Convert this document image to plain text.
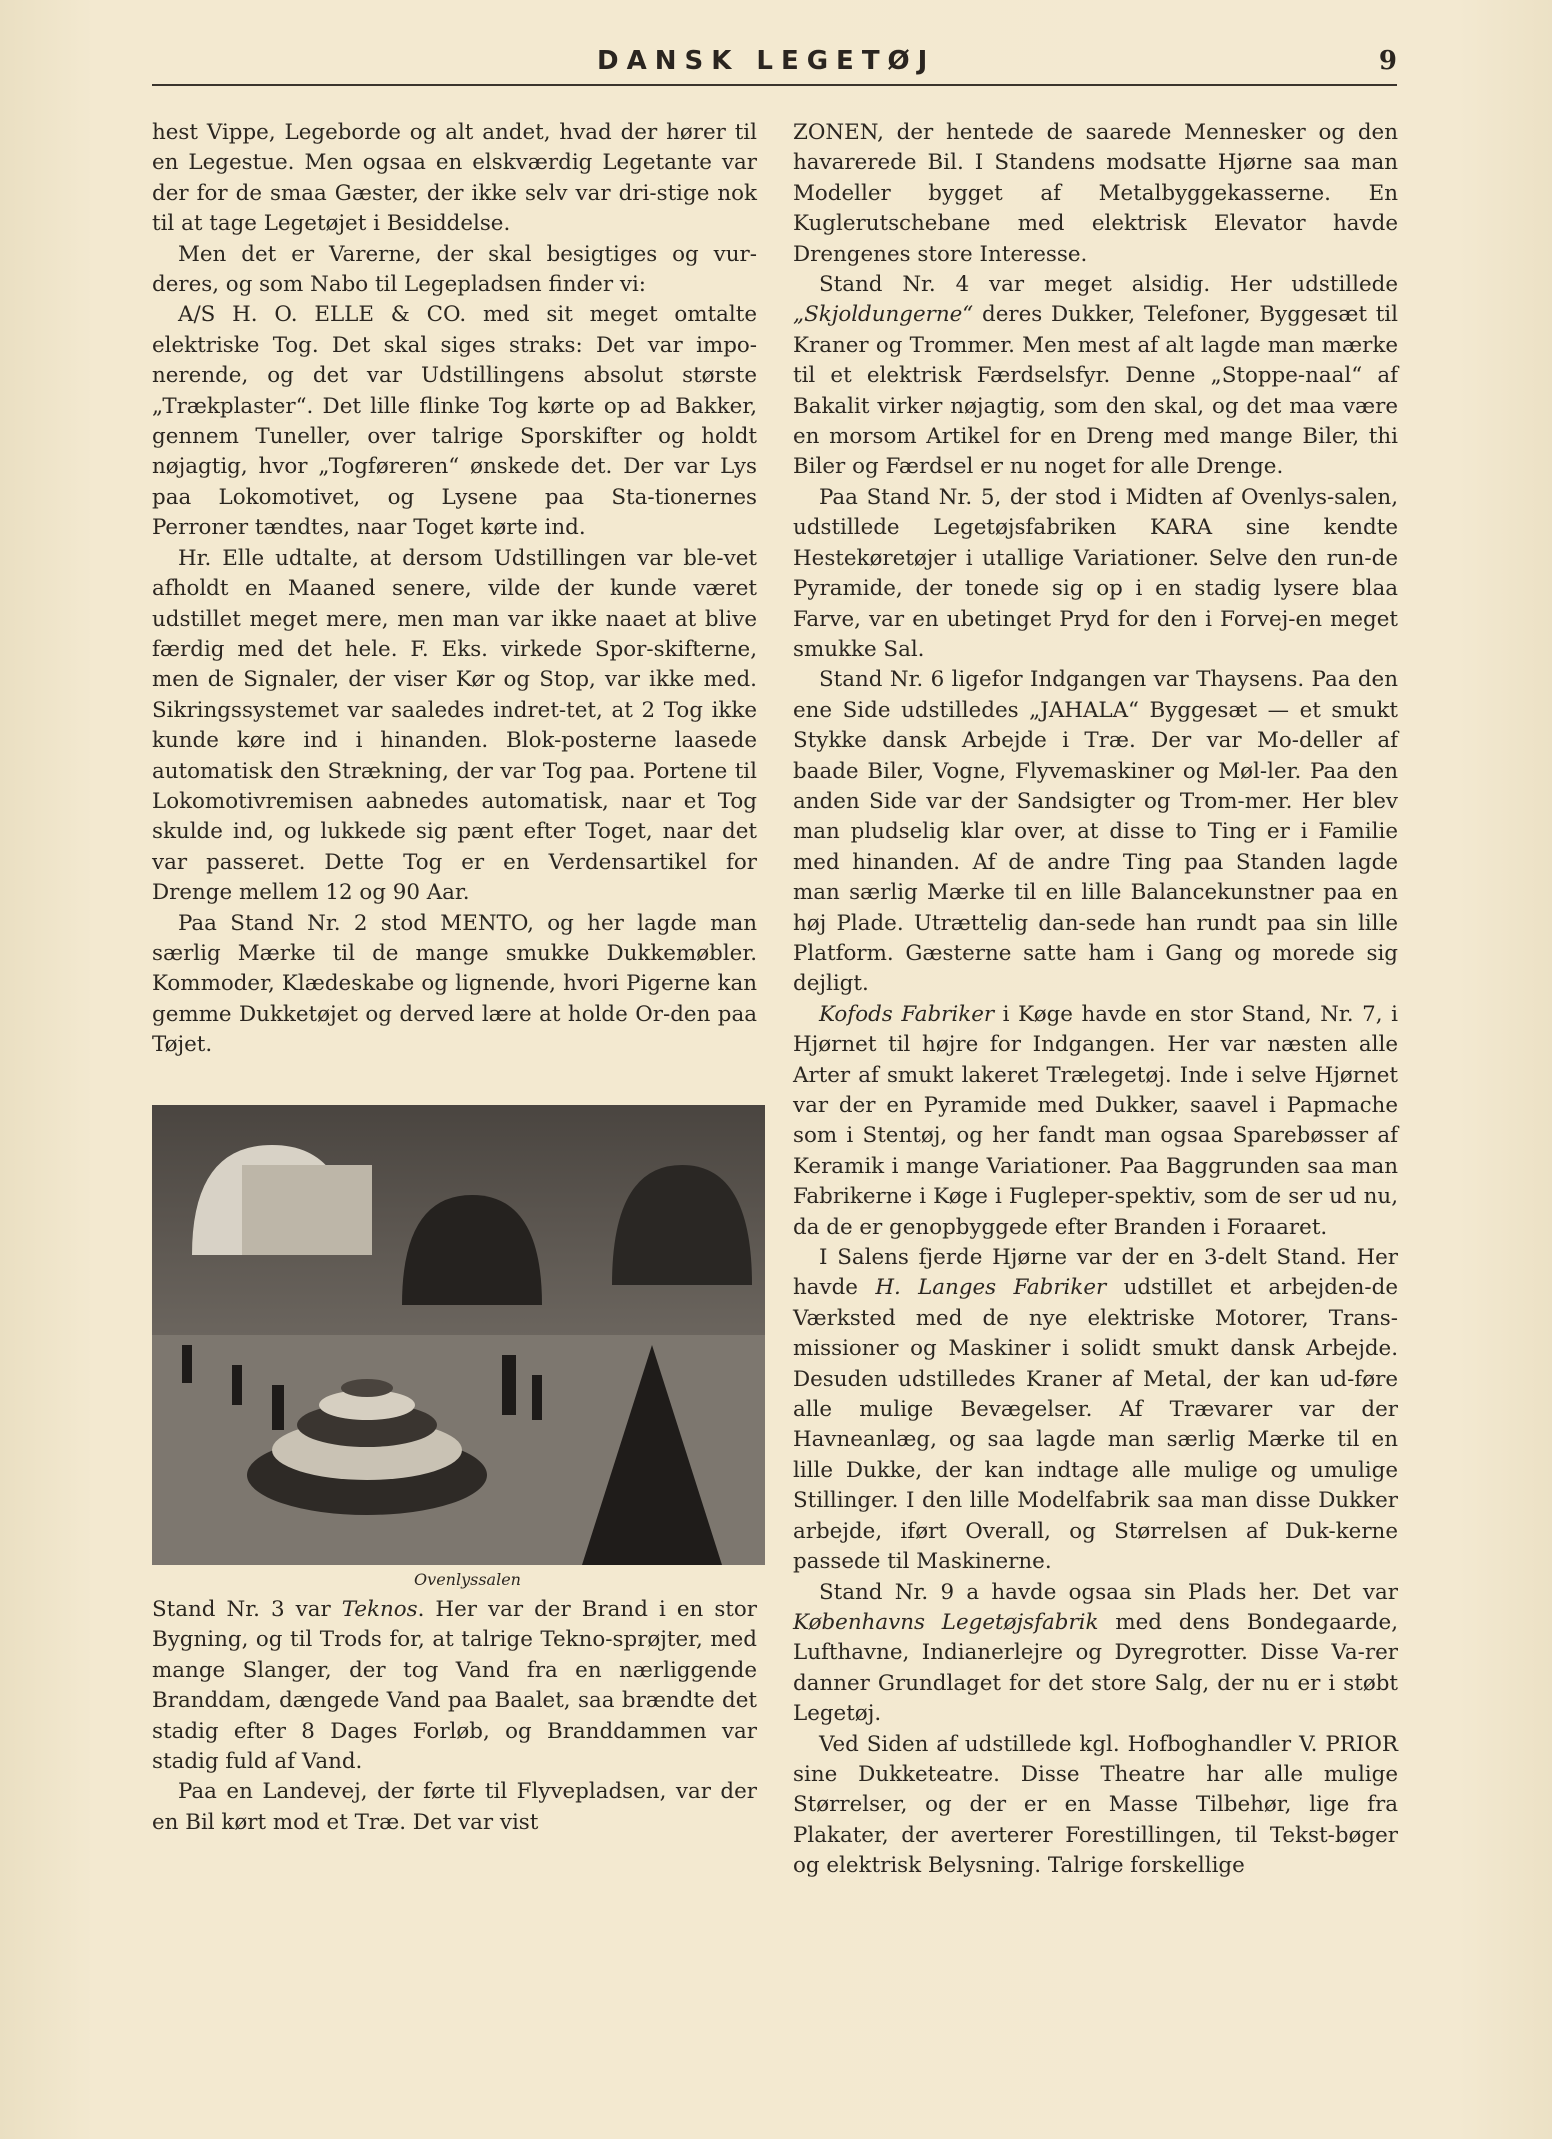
DANSK LEGETØJ	9

hest Vippe, Legeborde og alt andet, hvad der hører til en Legestue. Men ogsaa en elskværdig Legetante var der for de smaa Gæster, der ikke selv var dri-stige nok til at tage Legetøjet i Besiddelse.

Men det er Varerne, der skal besigtiges og vur-deres, og som Nabo til Legepladsen finder vi:

A/S H. O. ELLE & CO. med sit meget omtalte elektriske Tog. Det skal siges straks: Det var impo-nerende, og det var Udstillingens absolut største „Trækplaster“. Det lille flinke Tog kørte op ad Bakker, gennem Tuneller, over talrige Sporskifter og holdt nøjagtig, hvor „Togføreren“ ønskede det. Der var Lys paa Lokomotivet, og Lysene paa Sta-tionernes Perroner tændtes, naar Toget kørte ind.

Hr. Elle udtalte, at dersom Udstillingen var ble-vet afholdt en Maaned senere, vilde der kunde været udstillet meget mere, men man var ikke naaet at blive færdig med det hele. F. Eks. virkede Spor-skifterne, men de Signaler, der viser Kør og Stop, var ikke med. Sikringssystemet var saaledes indret-tet, at 2 Tog ikke kunde køre ind i hinanden. Blok-posterne laasede automatisk den Strækning, der var Tog paa. Portene til Lokomotivremisen aabnedes automatisk, naar et Tog skulde ind, og lukkede sig pænt efter Toget, naar det var passeret. Dette Tog er en Verdensartikel for Drenge mellem 12 og 90 Aar.

Paa Stand Nr. 2 stod MENTO, og her lagde man særlig Mærke til de mange smukke Dukkemøbler. Kommoder, Klædeskabe og lignende, hvori Pigerne kan gemme Dukketøjet og derved lære at holde Or-den paa Tøjet.

Ovenlyssalen

Stand Nr. 3 var Teknos. Her var der Brand i en stor Bygning, og til Trods for, at talrige Tekno-sprøjter, med mange Slanger, der tog Vand fra en nærliggende Branddam, dængede Vand paa Baalet, saa brændte det stadig efter 8 Dages Forløb, og Branddammen var stadig fuld af Vand.

Paa en Landevej, der førte til Flyvepladsen, var der en Bil kørt mod et Træ. Det var vist

ZONEN, der hentede de saarede Mennesker og den havarerede Bil. I Standens modsatte Hjørne saa man Modeller bygget af Metalbyggekasserne. En Kuglerutschebane med elektrisk Elevator havde Drengenes store Interesse.

Stand Nr. 4 var meget alsidig. Her udstillede „Skjoldungerne“ deres Dukker, Telefoner, Byggesæt til Kraner og Trommer. Men mest af alt lagde man mærke til et elektrisk Færdselsfyr. Denne „Stoppe-naal“ af Bakalit virker nøjagtig, som den skal, og det maa være en morsom Artikel for en Dreng med mange Biler, thi Biler og Færdsel er nu noget for alle Drenge.

Paa Stand Nr. 5, der stod i Midten af Ovenlys-salen, udstillede Legetøjsfabriken KARA sine kendte Hestekøretøjer i utallige Variationer. Selve den run-de Pyramide, der tonede sig op i en stadig lysere blaa Farve, var en ubetinget Pryd for den i Forvej-en meget smukke Sal.

Stand Nr. 6 ligefor Indgangen var Thaysens. Paa den ene Side udstilledes „JAHALA“ Byggesæt — et smukt Stykke dansk Arbejde i Træ. Der var Mo-deller af baade Biler, Vogne, Flyvemaskiner og Møl-ler. Paa den anden Side var der Sandsigter og Trom-mer. Her blev man pludselig klar over, at disse to Ting er i Familie med hinanden. Af de andre Ting paa Standen lagde man særlig Mærke til en lille Balancekunstner paa en høj Plade. Utrættelig dan-sede han rundt paa sin lille Platform. Gæsterne satte ham i Gang og morede sig dejligt.

Kofods Fabriker i Køge havde en stor Stand, Nr. 7, i Hjørnet til højre for Indgangen. Her var næsten alle Arter af smukt lakeret Trælegetøj. Inde i selve Hjørnet var der en Pyramide med Dukker, saavel i Papmache som i Stentøj, og her fandt man ogsaa Sparebøsser af Keramik i mange Variationer. Paa Baggrunden saa man Fabrikerne i Køge i Fugleper-spektiv, som de ser ud nu, da de er genopbyggede efter Branden i Foraaret.

I Salens fjerde Hjørne var der en 3-delt Stand. Her havde H. Langes Fabriker udstillet et arbejden-de Værksted med de nye elektriske Motorer, Trans-missioner og Maskiner i solidt smukt dansk Arbejde. Desuden udstilledes Kraner af Metal, der kan ud-føre alle mulige Bevægelser. Af Trævarer var der Havneanlæg, og saa lagde man særlig Mærke til en lille Dukke, der kan indtage alle mulige og umulige Stillinger. I den lille Modelfabrik saa man disse Dukker arbejde, iført Overall, og Størrelsen af Duk-kerne passede til Maskinerne.

Stand Nr. 9 a havde ogsaa sin Plads her. Det var Københavns Legetøjsfabrik med dens Bondegaarde, Lufthavne, Indianerlejre og Dyregrotter. Disse Va-rer danner Grundlaget for det store Salg, der nu er i støbt Legetøj.

Ved Siden af udstillede kgl. Hofboghandler V. PRIOR sine Dukketeatre. Disse Theatre har alle mulige Størrelser, og der er en Masse Tilbehør, lige fra Plakater, der averterer Forestillingen, til Tekst-bøger og elektrisk Belysning. Talrige forskellige
